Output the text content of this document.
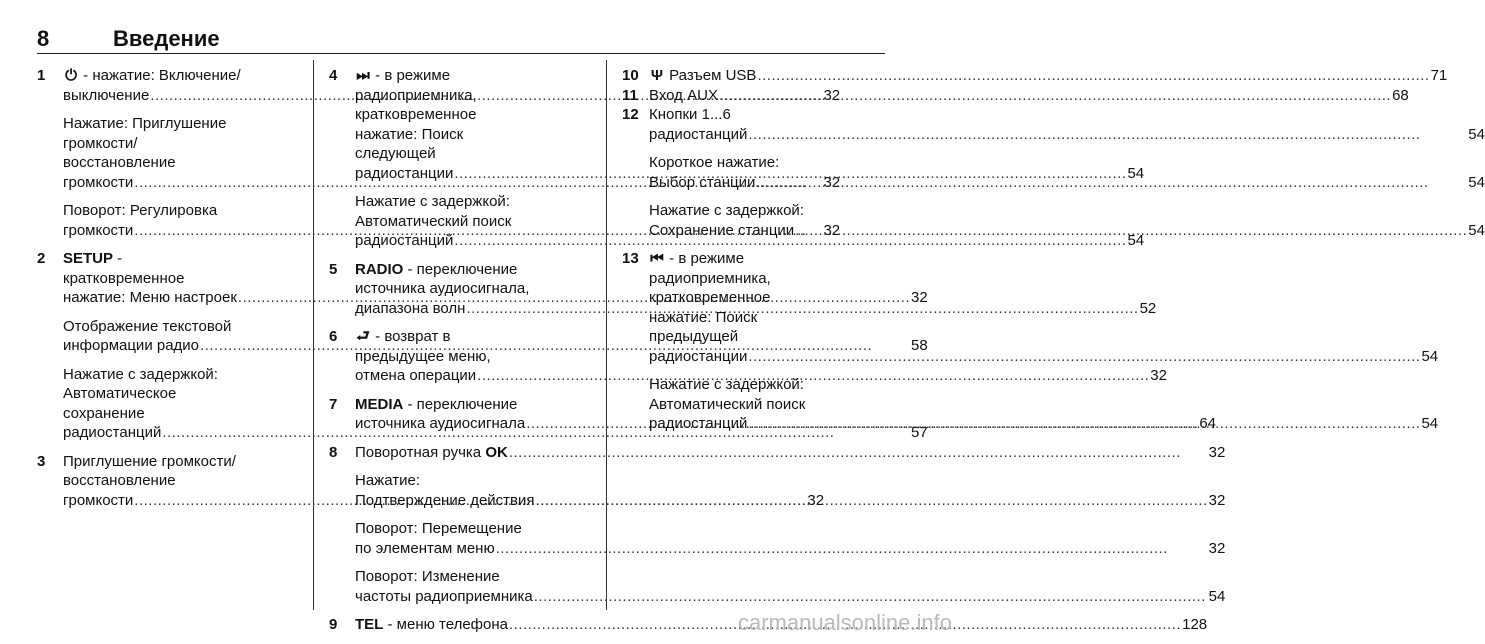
8	Введение
1	⏻ - нажатие: Включение/
выключение .....	32
Нажатие: Приглушение
громкости/
восстановление
громкости .....	32
Поворот: Регулировка
громкости .....	32
2	SETUP -
кратковременное
нажатие: Меню настроек .....	32
Отображение текстовой
информации радио .....	58
Нажатие с задержкой:
Автоматическое
сохранение
радиостанций .....	57
3	Приглушение громкости/
восстановление
громкости .....	32
4	⏭ - в режиме
радиоприемника,
кратковременное
нажатие: Поиск
следующей
радиостанции .....	54
Нажатие с задержкой:
Автоматический поиск
радиостанций .....	54
5	RADIO - переключение
источника аудиосигнала,
диапазона волн .....	52
6	⮐ - возврат в
предыдущее меню,
отмена операции .....	32
7	MEDIA - переключение
источника аудиосигнала .....	64
8	Поворотная ручка OK .....	32
Нажатие:
Подтверждение действия .....	32
Поворот: Перемещение
по элементам меню .....	32
Поворот: Изменение
частоты радиоприемника .....	54
9	TEL - меню телефона .....	128
10 Ψ Разъем USB .....	71
11 Вход AUX .....	68
12 Кнопки 1...6
радиостанций .....	54
Короткое нажатие:
Выбор станции .....	54
Нажатие с задержкой:
Сохранение станции .....	54
13 ⏮ - в режиме
радиоприемника,
кратковременное
нажатие: Поиск
предыдущей
радиостанции .....	54
Нажатие с задержкой:
Автоматический поиск
радиостанций .....	54
carmanualsonline.info
